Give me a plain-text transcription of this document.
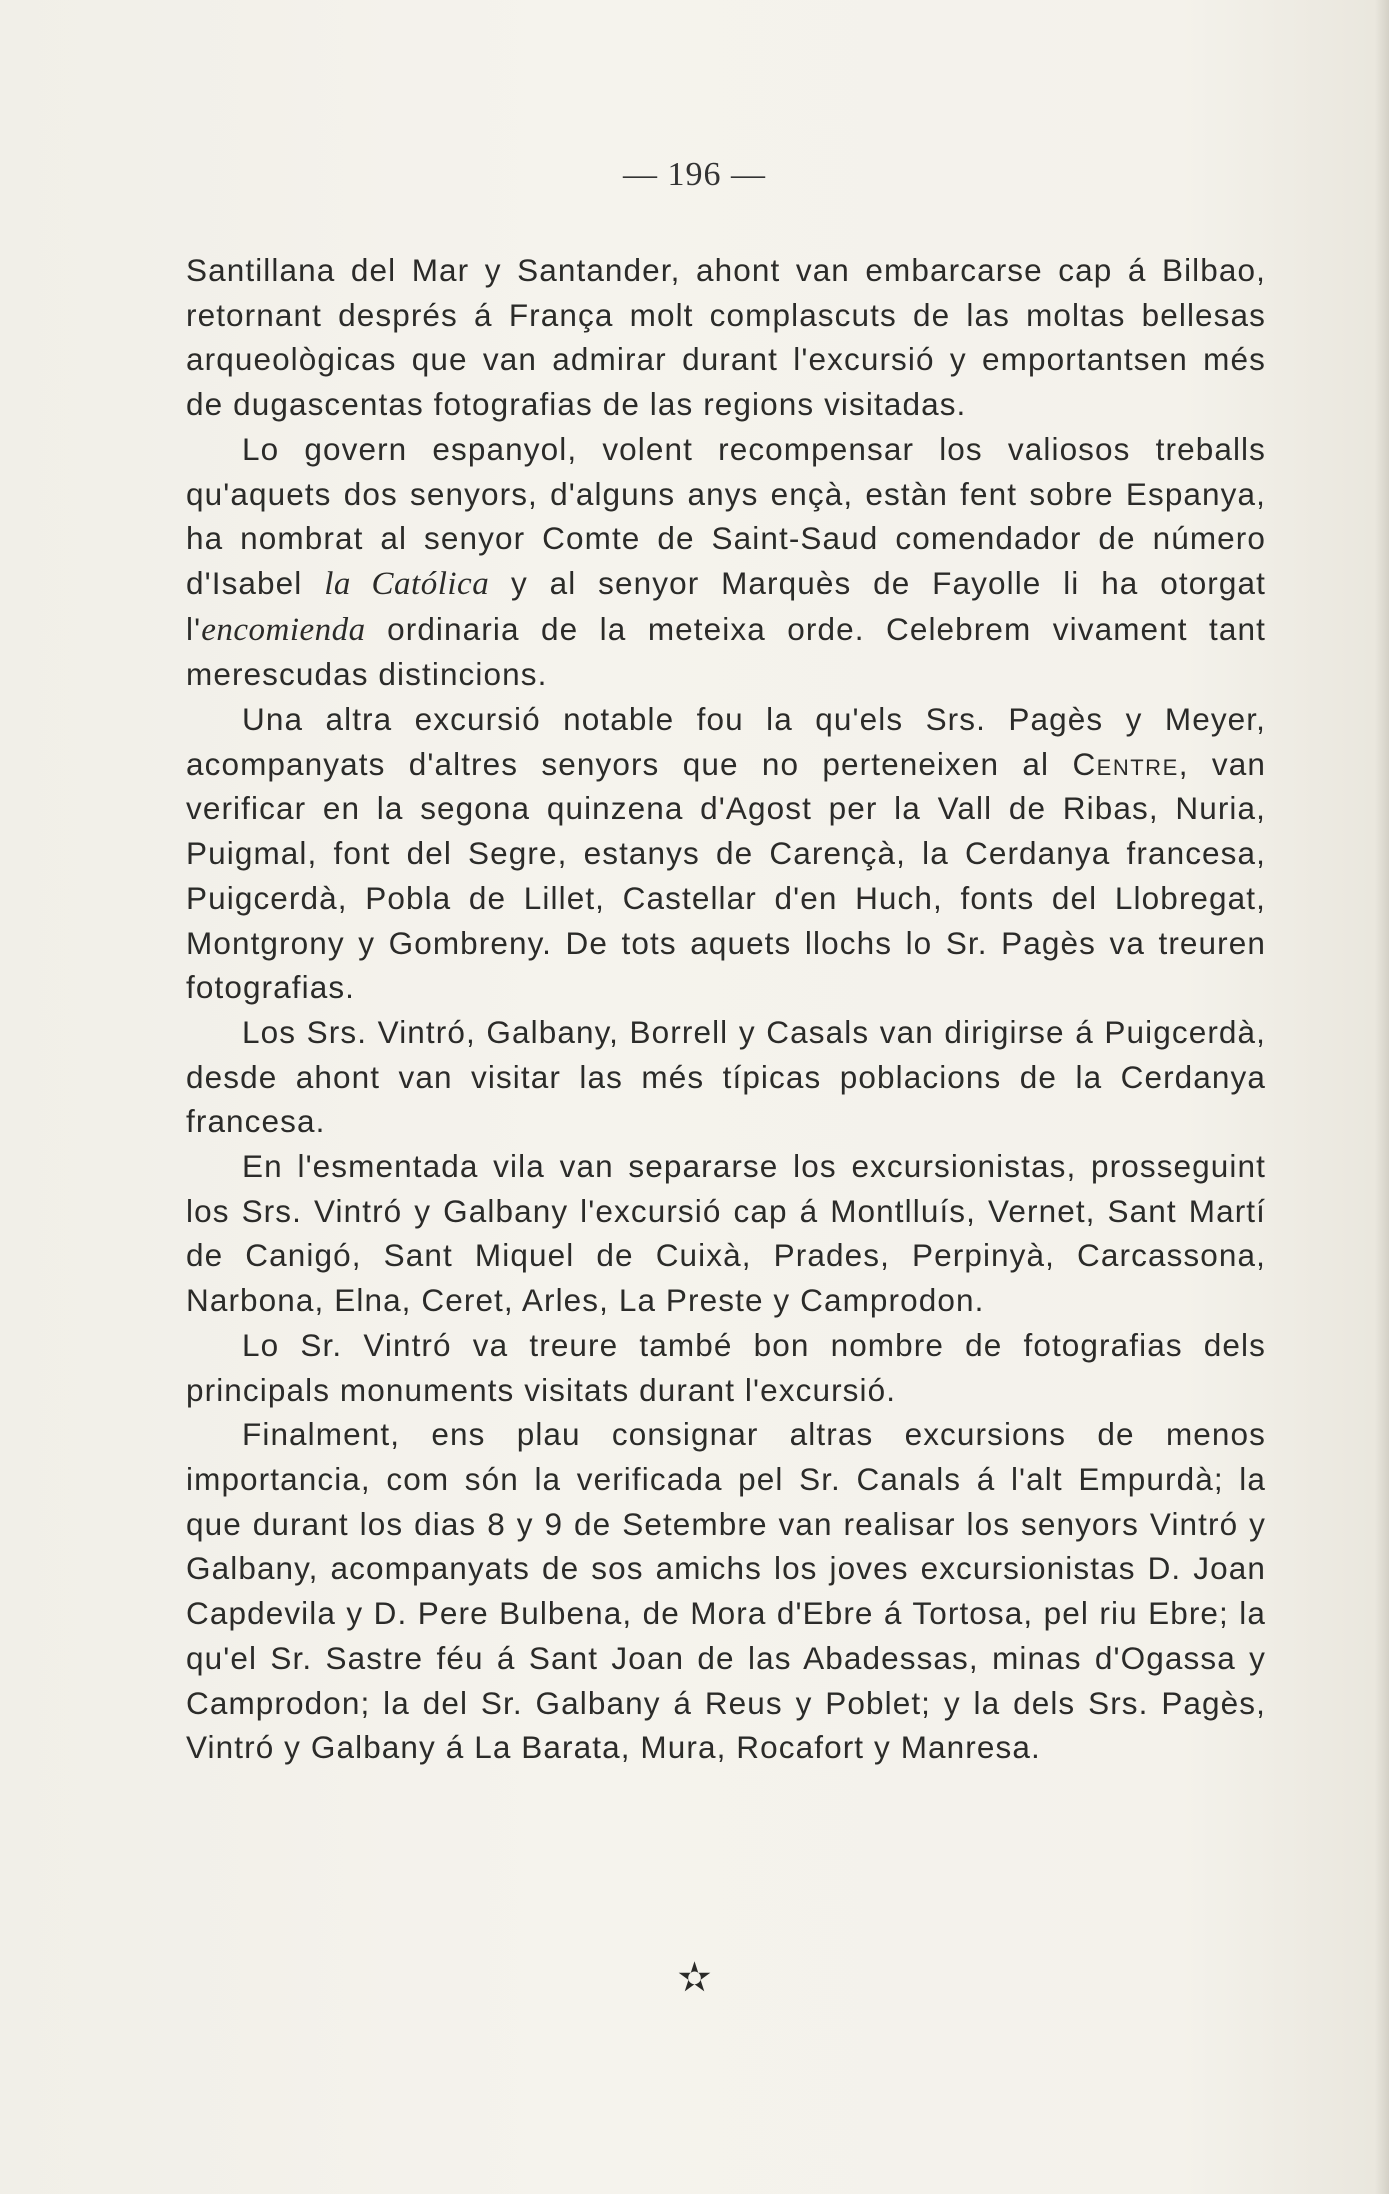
— 196 —

Santillana del Mar y Santander, ahont van embarcarse cap á Bilbao, retornant després á França molt complascuts de las moltas bellesas arqueològicas que van admirar durant l'excursió y emportantsen més de dugascentas fotografias de las regions visitadas.

Lo govern espanyol, volent recompensar los valiosos treballs qu'aquets dos senyors, d'alguns anys ençà, estàn fent sobre Espanya, ha nombrat al senyor Comte de Saint-Saud comendador de número d'Isabel la Católica y al senyor Marquès de Fayolle li ha otorgat l'encomienda ordinaria de la meteixa orde. Celebrem vivament tant merescudas distincions.

Una altra excursió notable fou la qu'els Srs. Pagès y Meyer, acompanyats d'altres senyors que no perteneixen al Centre, van verificar en la segona quinzena d'Agost per la Vall de Ribas, Nuria, Puigmal, font del Segre, estanys de Carençà, la Cerdanya francesa, Puigcerdà, Pobla de Lillet, Castellar d'en Huch, fonts del Llobregat, Montgrony y Gombreny. De tots aquets llochs lo Sr. Pagès va treuren fotografias.

Los Srs. Vintró, Galbany, Borrell y Casals van dirigirse á Puigcerdà, desde ahont van visitar las més típicas poblacions de la Cerdanya francesa.

En l'esmentada vila van separarse los excursionistas, prosseguint los Srs. Vintró y Galbany l'excursió cap á Montlluís, Vernet, Sant Martí de Canigó, Sant Miquel de Cuixà, Prades, Perpinyà, Carcassona, Narbona, Elna, Ceret, Arles, La Preste y Camprodon.

Lo Sr. Vintró va treure també bon nombre de fotografias dels principals monuments visitats durant l'excursió.

Finalment, ens plau consignar altras excursions de menos importancia, com són la verificada pel Sr. Canals á l'alt Empurdà; la que durant los dias 8 y 9 de Setembre van realisar los senyors Vintró y Galbany, acompanyats de sos amichs los joves excursionistas D. Joan Capdevila y D. Pere Bulbena, de Mora d'Ebre á Tortosa, pel riu Ebre; la qu'el Sr. Sastre féu á Sant Joan de las Abadessas, minas d'Ogassa y Camprodon; la del Sr. Galbany á Reus y Poblet; y la dels Srs. Pagès, Vintró y Galbany á La Barata, Mura, Rocafort y Manresa.

✫
